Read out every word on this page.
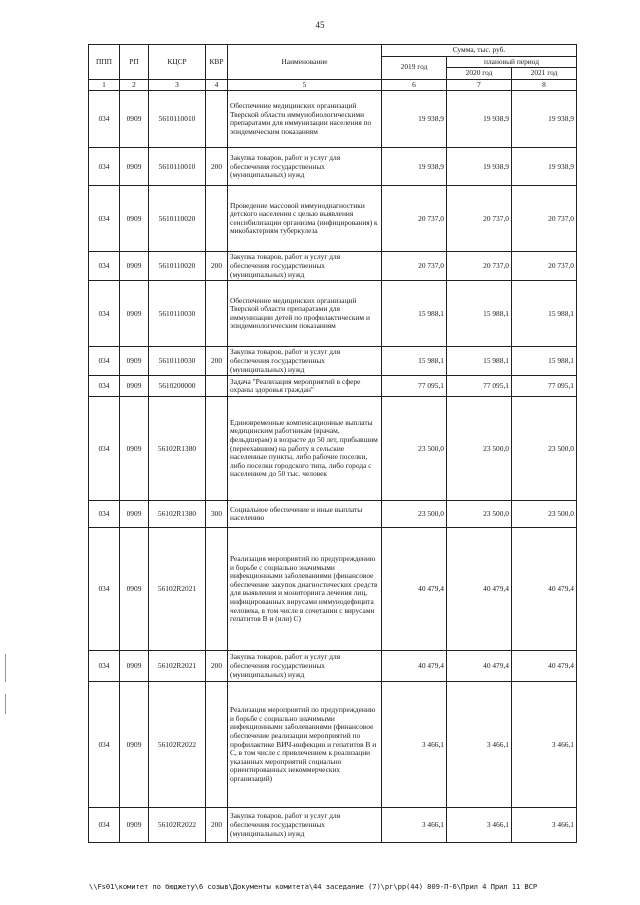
45
ППП	РП	КЦСР	КВР	Наименование	Сумма, тыс. руб.		
					2019 год	плановый период	
						2020 год	2021 год
1	2	3	4	5	6	7	8
034	0909	5610110010		Обеспечение медицинских организаций Тверской области иммунобиологическими препаратами для иммунизации населения по эпидемическим показаниям	19 938,9	19 938,9	19 938,9
034	0909	5610110010	200	Закупка товаров, работ и услуг для обеспечения государственных (муниципальных) нужд	19 938,9	19 938,9	19 938,9
034	0909	5610110020		Проведение массовой иммунодиагностики детского населения с целью выявления сенсибилизации организма (инфицирования) к микобактериям туберкулеза	20 737,0	20 737,0	20 737,0
034	0909	5610110020	200	Закупка товаров, работ и услуг для обеспечения государственных (муниципальных) нужд	20 737,0	20 737,0	20 737,0
034	0909	5610110030		Обеспечение медицинских организаций Тверской области препаратами для иммунизации детей по профилактическим и эпидемиологическим показаниям	15 988,1	15 988,1	15 988,1
034	0909	5610110030	200	Закупка товаров, работ и услуг для обеспечения государственных (муниципальных) нужд	15 988,1	15 988,1	15 988,1
034	0909	5610200000		Задача "Реализация мероприятий в сфере охраны здоровья граждан"	77 095,1	77 095,1	77 095,1
034	0909	56102R1380		Единовременные компенсационные выплаты медицинским работникам (врачам, фельдшерам) в возрасте до 50 лет, прибывшим (переехавшим) на работу в сельские населенные пункты, либо рабочие поселки, либо поселки городского типа, либо города с населением до 50 тыс. человек	23 500,0	23 500,0	23 500,0
034	0909	56102R1380	300	Социальное обеспечение и иные выплаты населению	23 500,0	23 500,0	23 500,0
034	0909	56102R2021		Реализация мероприятий по предупреждению и борьбе с социально значимыми инфекционными заболеваниями (финансовое обеспечение закупок диагностических средств для выявления и мониторинга лечения лиц, инфицированных вирусами иммунодефицита человека, в том числе в сочетании с вирусами гепатитов В и (или) С)	40 479,4	40 479,4	40 479,4
034	0909	56102R2021	200	Закупка товаров, работ и услуг для обеспечения государственных (муниципальных) нужд	40 479,4	40 479,4	40 479,4
034	0909	56102R2022		Реализация мероприятий по предупреждению и борьбе с социально значимыми инфекционными заболеваниями (финансовое обеспечение реализации мероприятий по профилактике ВИЧ-инфекции и гепатитов В и С, в том числе с привлечением к реализации указанных мероприятий социально ориентированных некоммерческих организаций)	3 466,1	3 466,1	3 466,1
034	0909	56102R2022	200	Закупка товаров, работ и услуг для обеспечения государственных (муниципальных) нужд	3 466,1	3 466,1	3 466,1
\\Fs01\комитет по бюджету\6 созыв\Документы комитета\44 заседание (7)\рг\рр(44) 809-П-6\Прил 4 Прил 11 ВСР
